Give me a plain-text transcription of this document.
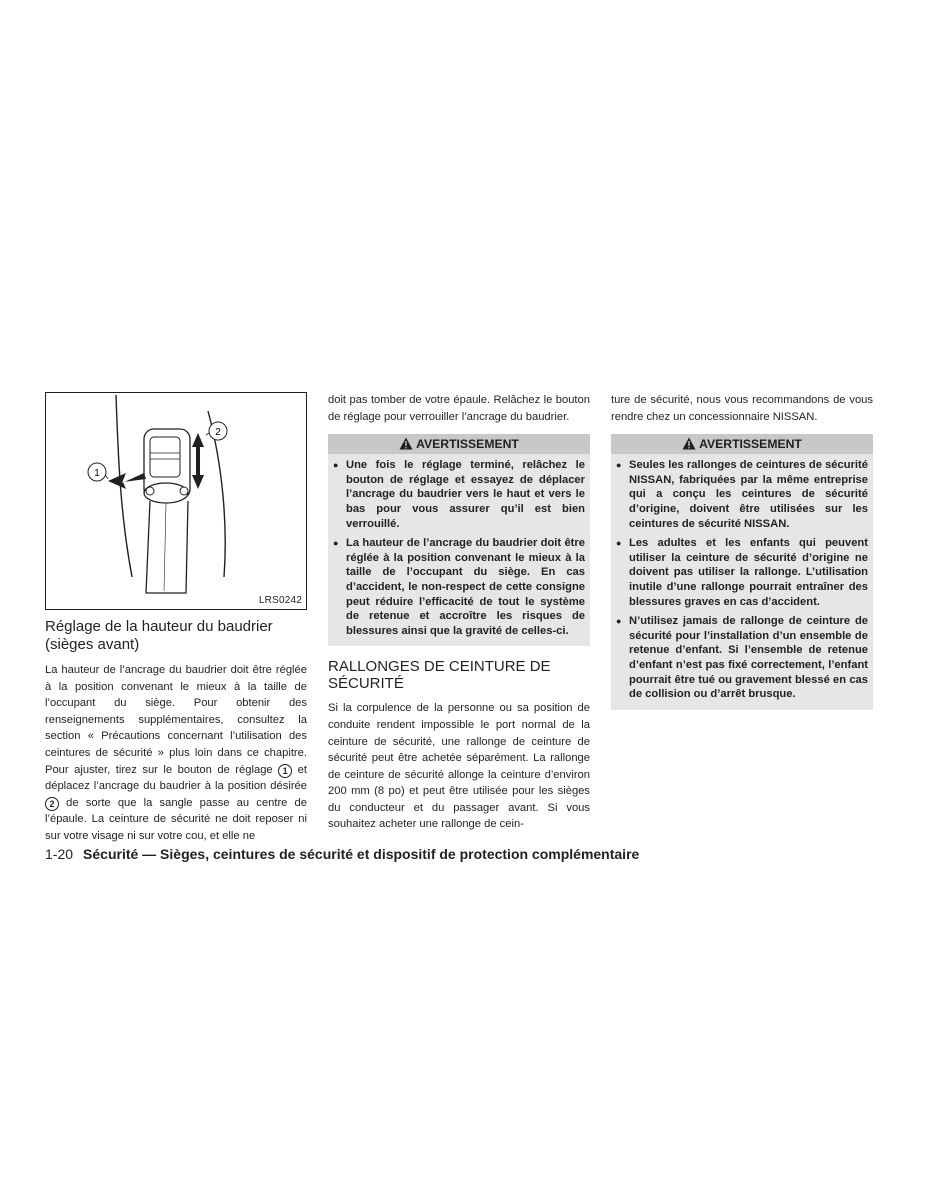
1
2
LRS0242
Réglage de la hauteur du baudrier (sièges avant)

La hauteur de l’ancrage du baudrier doit être réglée à la position convenant le mieux à la taille de l’occupant du siège. Pour obtenir des renseignements supplémentaires, consultez la section « Précautions concernant l’utilisation des ceintures de sécurité » plus loin dans ce chapitre. Pour ajuster, tirez sur le bouton de réglage 1 et déplacez l’ancrage du baudrier à la position désirée 2 de sorte que la sangle passe au centre de l’épaule. La ceinture de sécurité ne doit reposer ni sur votre visage ni sur votre cou, et elle ne

doit pas tomber de votre épaule. Relâchez le bouton de réglage pour verrouiller l’ancrage du baudrier.

AVERTISSEMENT
● Une fois le réglage terminé, relâchez le bouton de réglage et essayez de déplacer l’ancrage du baudrier vers le haut et vers le bas pour vous assurer qu’il est bien verrouillé.
● La hauteur de l’ancrage du baudrier doit être réglée à la position convenant le mieux à la taille de l’occupant du siège. En cas d’accident, le non-respect de cette consigne peut réduire l’efficacité de tout le système de retenue et accroître les risques de blessures ainsi que la gravité de celles-ci.
RALLONGES DE CEINTURE DE SÉCURITÉ

Si la corpulence de la personne ou sa position de conduite rendent impossible le port normal de la ceinture de sécurité, une rallonge de ceinture de sécurité peut être achetée séparément. La rallonge de ceinture de sécurité allonge la ceinture d’environ 200 mm (8 po) et peut être utilisée pour les sièges du conducteur et du passager avant. Si vous souhaitez acheter une rallonge de cein-

ture de sécurité, nous vous recommandons de vous rendre chez un concessionnaire NISSAN.

AVERTISSEMENT
● Seules les rallonges de ceintures de sécurité NISSAN, fabriquées par la même entreprise qui a conçu les ceintures de sécurité d’origine, doivent être utilisées sur les ceintures de sécurité NISSAN.
● Les adultes et les enfants qui peuvent utiliser la ceinture de sécurité d’origine ne doivent pas utiliser la rallonge. L’utilisation inutile d’une rallonge pourrait entraîner des blessures graves en cas d’accident.
● N’utilisez jamais de rallonge de ceinture de sécurité pour l’installation d’un ensemble de retenue d’enfant. Si l’ensemble de retenue d’enfant n’est pas fixé correctement, l’enfant pourrait être tué ou gravement blessé en cas de collision ou d’arrêt brusque.
1-20 Sécurité — Sièges, ceintures de sécurité et dispositif de protection complémentaire
